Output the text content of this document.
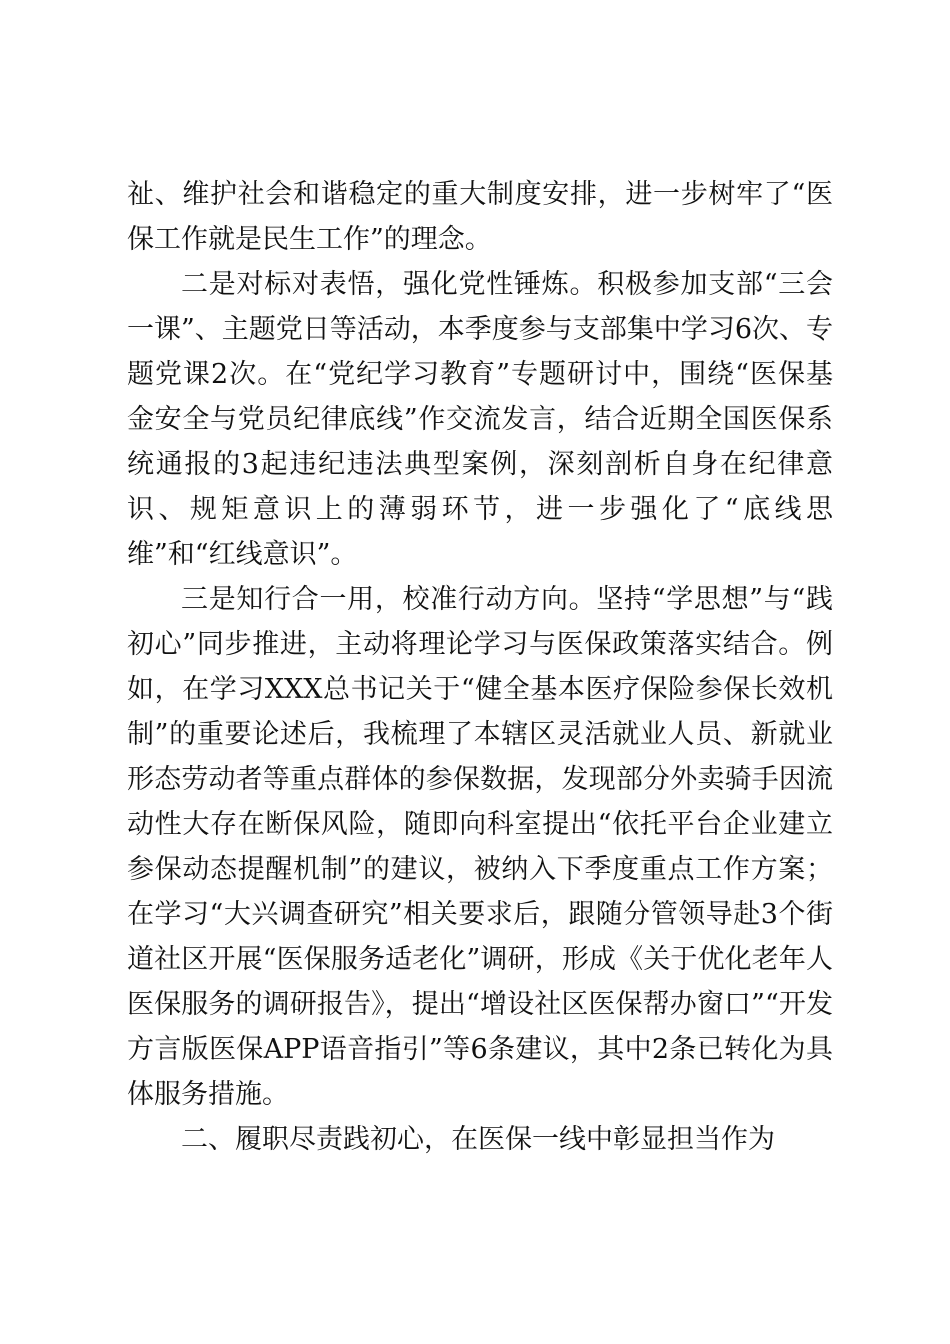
祉、维护社会和谐稳定的重大制度安排，进一步树牢了“医保工作就是民生工作”的理念。

二是对标对表悟，强化党性锤炼。积极参加支部“三会一课”、主题党日等活动，本季度参与支部集中学习6次、专题党课2次。在“党纪学习教育”专题研讨中，围绕“医保基金安全与党员纪律底线”作交流发言，结合近期全国医保系统通报的3起违纪违法典型案例，深刻剖析自身在纪律意识、规矩意识上的薄弱环节，进一步强化了“底线思维”和“红线意识”。

三是知行合一用，校准行动方向。坚持“学思想”与“践初心”同步推进，主动将理论学习与医保政策落实结合。例如，在学习XXX总书记关于“健全基本医疗保险参保长效机制”的重要论述后，我梳理了本辖区灵活就业人员、新就业形态劳动者等重点群体的参保数据，发现部分外卖骑手因流动性大存在断保风险，随即向科室提出“依托平台企业建立参保动态提醒机制”的建议，被纳入下季度重点工作方案；在学习“大兴调查研究”相关要求后，跟随分管领导赴3个街道社区开展“医保服务适老化”调研，形成《关于优化老年人医保服务的调研报告》，提出“增设社区医保帮办窗口”“开发方言版医保APP语音指引”等6条建议，其中2条已转化为具体服务措施。

二、履职尽责践初心，在医保一线中彰显担当作为
